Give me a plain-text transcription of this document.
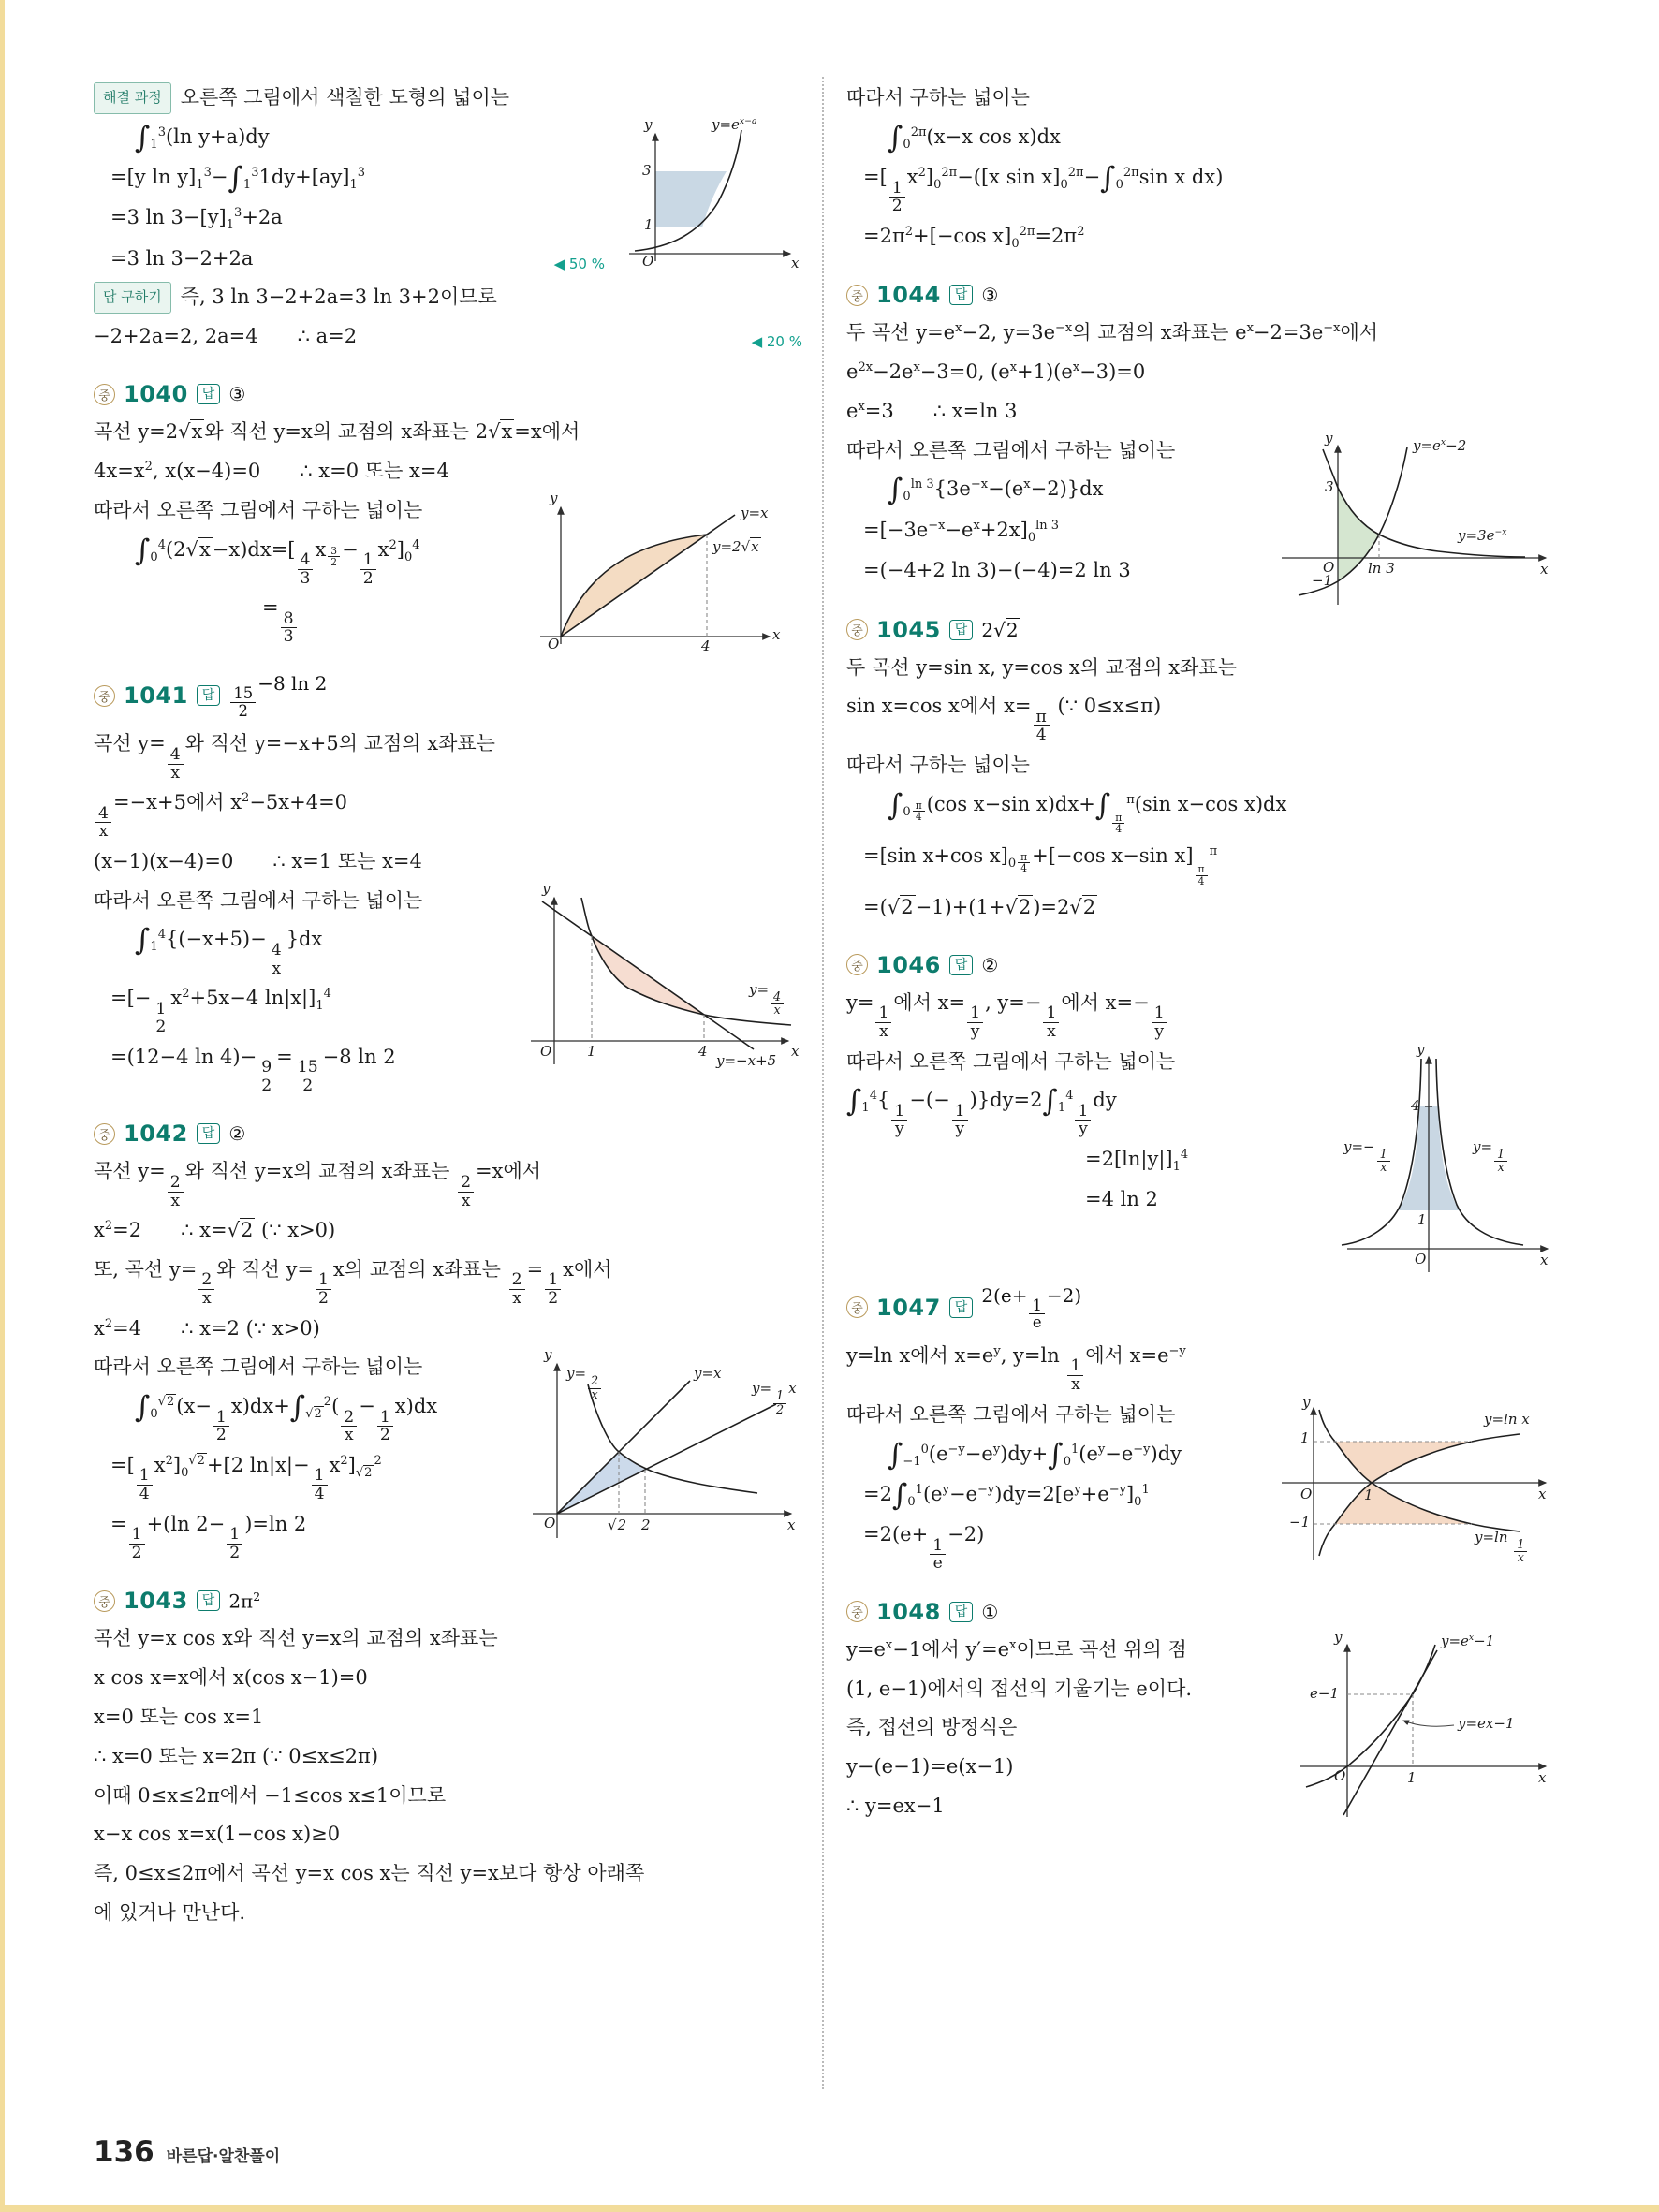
해결 과정 오른쪽 그림에서 색칠한 도형의 넓이는

$y=e^{x-a}$
y
x
O
3
1

$\int_1^3(\ln$ y+a)dy

=[y $\ln y]_1^3-\int_1^31dy+[ay]_1^3$

=3 $\ln 3-[y]_1^3+2a$

◀ 50 %
=3 ln 3−2+2a

답 구하기 즉, 3 ln 3−2+2a=3 ln 3+2이므로

◀ 20 %
−2+2a=2, 2a=4  ∴ a=2

중 1040	답 ③

곡선 y=2√x와 직선 y=x의 교점의 x좌표는 2√x=x에서

$4x=x^2$, x(x−4)=0  ∴ x=0 또는 x=4

y
x
y=x
y=2√x
O	4

따라서 오른쪽 그림에서 구하는 넓이는

$\int_0^4(2√x-x)dx=$[
$\frac{4}{3}$
x $^{\frac{3}{2}}$ −
$\frac{1}{2}$
$x^2]_0^4$

=
$\frac{8}{3}$

중 1041	답	$\frac{15}{2}$
−8 ln 2

곡선 y=
$\frac{4}{x}$
와 직선 y=−x+5의 교점의 x좌표는

$\frac{4}{x}$
=−x+5에서 $x^2-5x+4=0$

(x−1)(x−4)=0  ∴ x=1 또는 x=4

y
x
y=
$\frac{4}{x}$
y=−x+5
O	1	4

따라서 오른쪽 그림에서 구하는 넓이는

$\int_1^4\{(-x+5)-$
$\frac{4}{x}$
}dx

=[−
$\frac{1}{2}$
$x^2+5x-4$ $\ln|x|]_1^4$

=(12−4 ln 4)−
$\frac{9}{2}$
=
$\frac{15}{2}$
−8 ln 2

중 1042	답 ②

곡선 y=
$\frac{2}{x}$
와 직선 y=x의 교점의 x좌표는
$\frac{2}{x}$
=x에서

$x^2=2$  ∴ x=√2 (∵ x>0)

또, 곡선 y=
$\frac{2}{x}$
와 직선 y=
$\frac{1}{2}$
x의 교점의 x좌표는
$\frac{2}{x}$
=
$\frac{1}{2}$
x에서

$x^2=4$  ∴ x=2 (∵ x>0)

y
x
y=
$\frac{2}{x}$
y=x
y=
$\frac{1}{2}$
x
O	√2 2

따라서 오른쪽 그림에서 구하는 넓이는

$\int_0^{√2}(x-$
$\frac{1}{2}$
$x)dx+\int_{√2}^2$(
$\frac{2}{x}$
−
$\frac{1}{2}$
x)dx

=[
$\frac{1}{4}$
$x^2]_0^{√2}+[2$ ln|x|−
$\frac{1}{4}$
$x^2]_{√2}^2$

=
$\frac{1}{2}$
+(ln 2−
$\frac{1}{2}$
)=ln 2

중 1043	답 $2\pi^2$

곡선 y=x cos x와 직선 y=x의 교점의 x좌표는

x cos x=x에서 x(cos x−1)=0

x=0 또는 cos x=1

∴ x=0 또는 x=2π (∵ 0≤x≤2π)

이때 0≤x≤2π에서 −1≤cos x≤1이므로

x−x cos x=x(1−cos x)≥0

즉, 0≤x≤2π에서 곡선 y=x cos x는 직선 y=x보다 항상 아래쪽

에 있거나 만난다.

따라서 구하는 넓이는

$\int_0^{2\pi}(x-x$ cos x)dx

=[
$\frac{1}{2}$
$x^2]_0^{2\pi}-([x$ $\sin x]_0^{2\pi}-\int_0^{2\pi}\sin$ x dx)

$=2\pi^2+[-\cos$ $x]_0^{2\pi}=2\pi^2$

중 1044	답 ③

두 곡선 $y=e^x-2$, $y=3e^{-x}$의 교점의 x좌표는 $e^x-2=3e^{-x}$에서

$e^{2x}-2e^x-3=0$, $(e^x+1)(e^x-3)=0$

$e^x=3$  ∴ x=ln 3

y
x
$y=e^x-2$
$y=3e^{-x}$
3
O ln 3
−1

따라서 오른쪽 그림에서 구하는 넓이는

$\int_0^{ln 3}\{3e^{-x}-(e^x-2)\}dx$

$=[-3e^{-x}-e^x+2x]_0^{ln 3}$

=(−4+2 ln 3)−(−4)=2 ln 3

중 1045	답 2√2

두 곡선 y=sin x, y=cos x의 교점의 x좌표는

sin x=cos x에서 x=
$\frac{\pi}{4}$
(∵ 0≤x≤π)

따라서 구하는 넓이는

$\int_0$ $^{\frac{\pi}{4}}$ (cos x−sin x)dx+∫
$_{\frac{\pi}{4}}$
$^\pi$(sin x−cos x)dx

=[sin x+cos $x]_0$ $^{\frac{\pi}{4}}$ +[−cos x−sin x]
$_{\frac{\pi}{4}}$
$^\pi$

=(√2−1)+(1+√2)=2√2

중 1046	답 ②

y=
$\frac{1}{x}$
에서 x=
$\frac{1}{y}$
, y=−
$\frac{1}{x}$
에서 x=−
$\frac{1}{y}$

y
x
y=−
$\frac{1}{x}$
y=
$\frac{1}{x}$
4
1
O

따라서 오른쪽 그림에서 구하는 넓이는

$\int_1^4${
$\frac{1}{y}$
−(−
$\frac{1}{y}$
)}$dy=2\int_1^4$
$\frac{1}{y}$
dy

$=2[\ln|y|]_1^4$

=4 ln 2

중 1047	답
2(e+
$\frac{1}{e}$
−2)

y=ln x에서 $x=e^y$, y=ln
$\frac{1}{x}$
에서 $x=e^{-y}$

y
x
y=ln x
y=ln
$\frac{1}{x}$
1
−1
O	1

따라서 오른쪽 그림에서 구하는 넓이는

$\int_{-1}^0(e^{-y}-e^y)dy+\int_0^1(e^y-e^{-y})dy$

$=2\int_0^1(e^y-e^{-y})dy=2[e^y+e^{-y}]_0^1$

=2(e+
$\frac{1}{e}$
−2)

중 1048	답 ①
y
x
$y=e^x-1$
y=ex−1
e−1
O	1

$y=e^x-1$에서 $y'=e^x$이므로 곡선 위의 점

(1, e−1)에서의 접선의 기울기는 e이다.

즉, 접선의 방정식은

y−(e−1)=e(x−1)

∴ y=ex−1

136 바른답·알찬풀이
